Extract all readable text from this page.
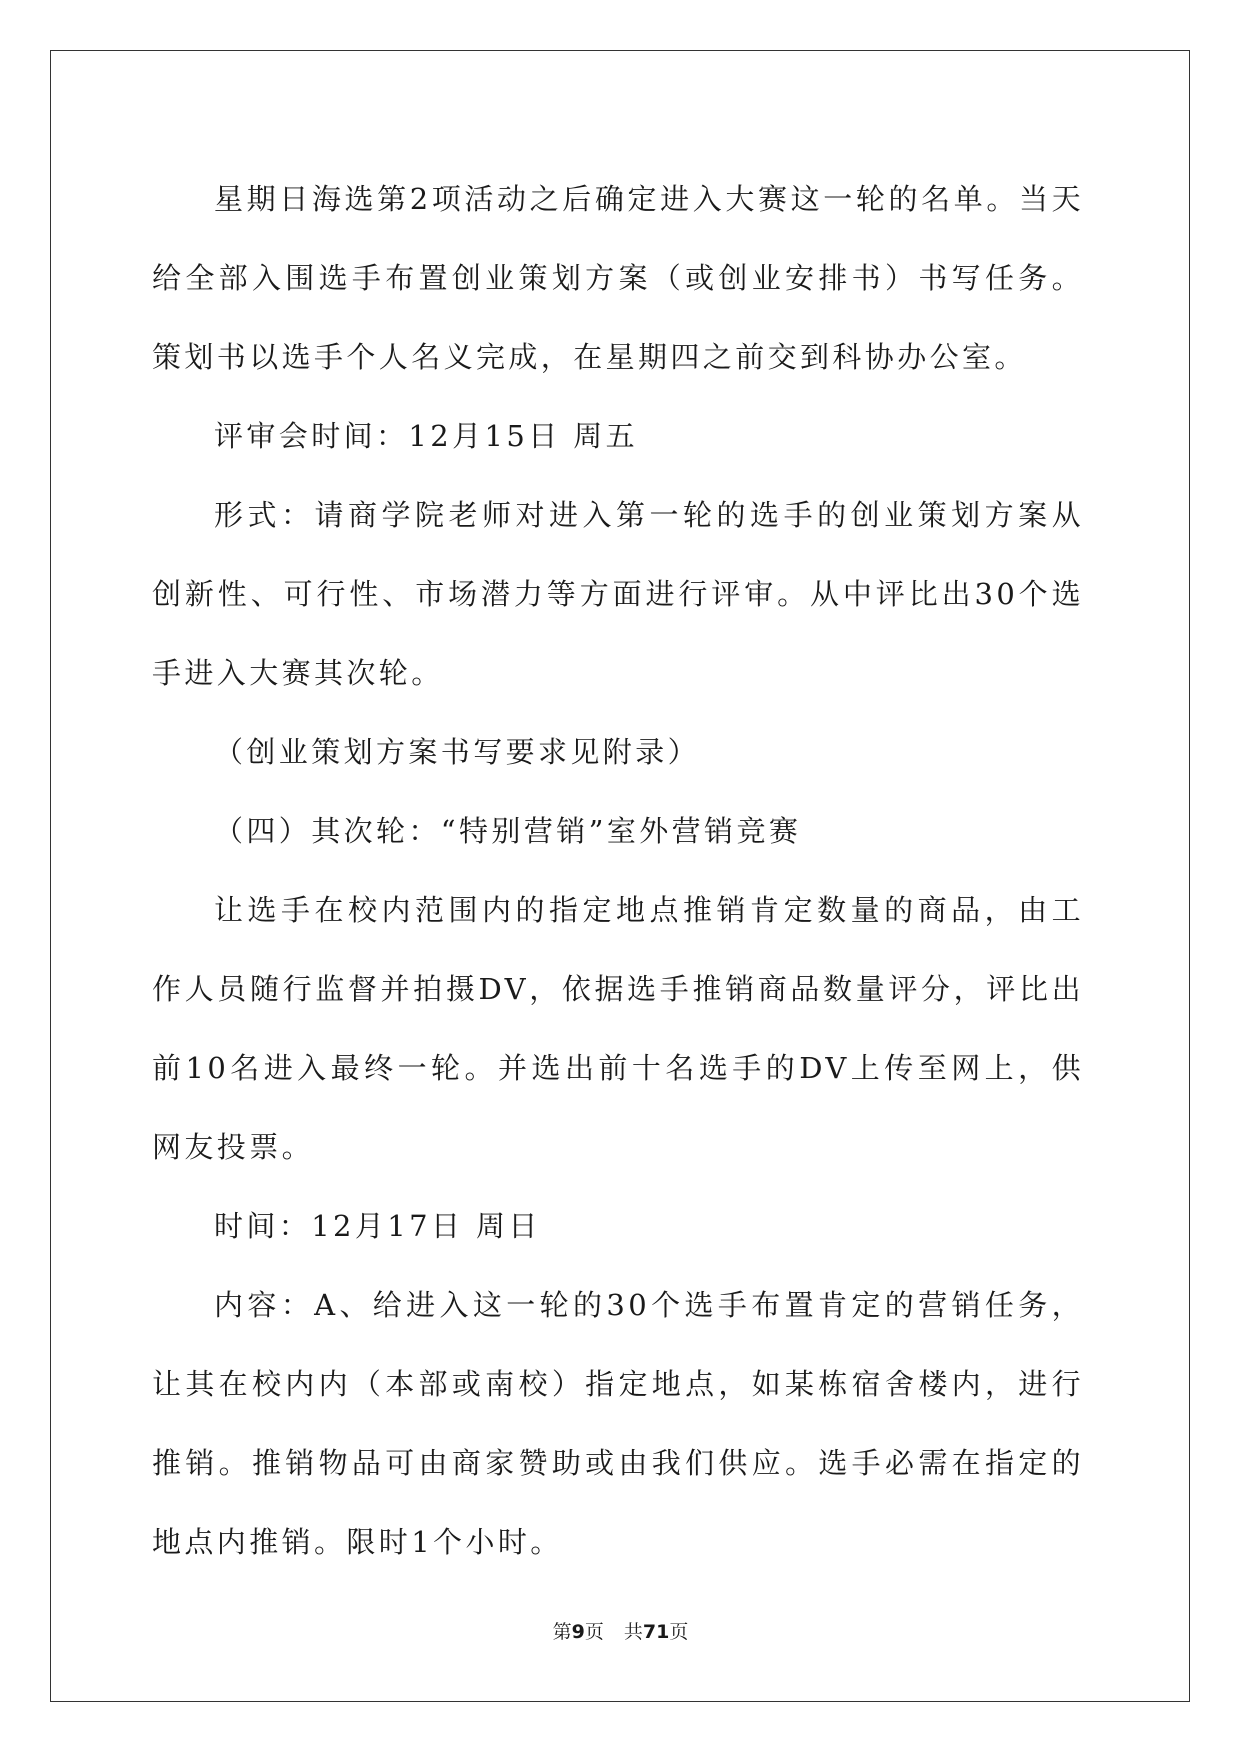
星期日海选第2项活动之后确定进入大赛这一轮的名单。当天给全部入围选手布置创业策划方案（或创业安排书）书写任务。策划书以选手个人名义完成，在星期四之前交到科协办公室。

评审会时间：12月15日 周五

形式：请商学院老师对进入第一轮的选手的创业策划方案从创新性、可行性、市场潜力等方面进行评审。从中评比出30个选手进入大赛其次轮。

（创业策划方案书写要求见附录）

（四）其次轮：“特别营销”室外营销竞赛

让选手在校内范围内的指定地点推销肯定数量的商品，由工作人员随行监督并拍摄DV，依据选手推销商品数量评分，评比出前10名进入最终一轮。并选出前十名选手的DV上传至网上，供网友投票。

时间：12月17日 周日

内容：A、给进入这一轮的30个选手布置肯定的营销任务，让其在校内内（本部或南校）指定地点，如某栋宿舍楼内，进行推销。推销物品可由商家赞助或由我们供应。选手必需在指定的地点内推销。限时1个小时。

第9页 共71页
